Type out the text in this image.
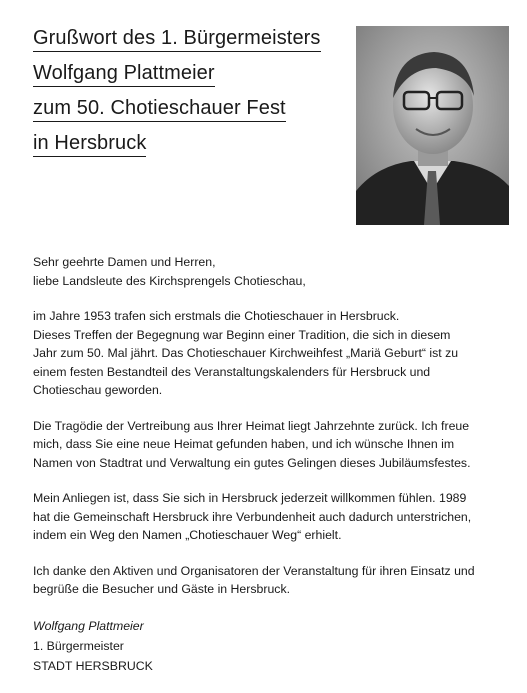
Grußwort des 1. Bürgermeisters
Wolfgang Plattmeier
zum 50. Chotieschauer Fest
in Hersbruck

Sehr geehrte Damen und Herren,
liebe Landsleute des Kirchsprengels Chotieschau,

im Jahre 1953 trafen sich erstmals die Chotieschauer in Hersbruck.
Dieses Treffen der Begegnung war Beginn einer Tradition, die sich in diesem
Jahr zum 50. Mal jährt. Das Chotieschauer Kirchweihfest „Mariä Geburt“ ist zu
einem festen Bestandteil des Veranstaltungskalenders für Hersbruck und
Chotieschau geworden.

Die Tragödie der Vertreibung aus Ihrer Heimat liegt Jahrzehnte zurück. Ich freue
mich, dass Sie eine neue Heimat gefunden haben, und ich wünsche Ihnen im
Namen von Stadtrat und Verwaltung ein gutes Gelingen dieses Jubiläumsfestes.

Mein Anliegen ist, dass Sie sich in Hersbruck jederzeit willkommen fühlen. 1989
hat die Gemeinschaft Hersbruck ihre Verbundenheit auch dadurch unterstrichen,
indem ein Weg den Namen „Chotieschauer Weg“ erhielt.

Ich danke den Aktiven und Organisatoren der Veranstaltung für ihren Einsatz und
begrüße die Besucher und Gäste in Hersbruck.

Wolfgang Plattmeier
1. Bürgermeister
STADT HERSBRUCK
